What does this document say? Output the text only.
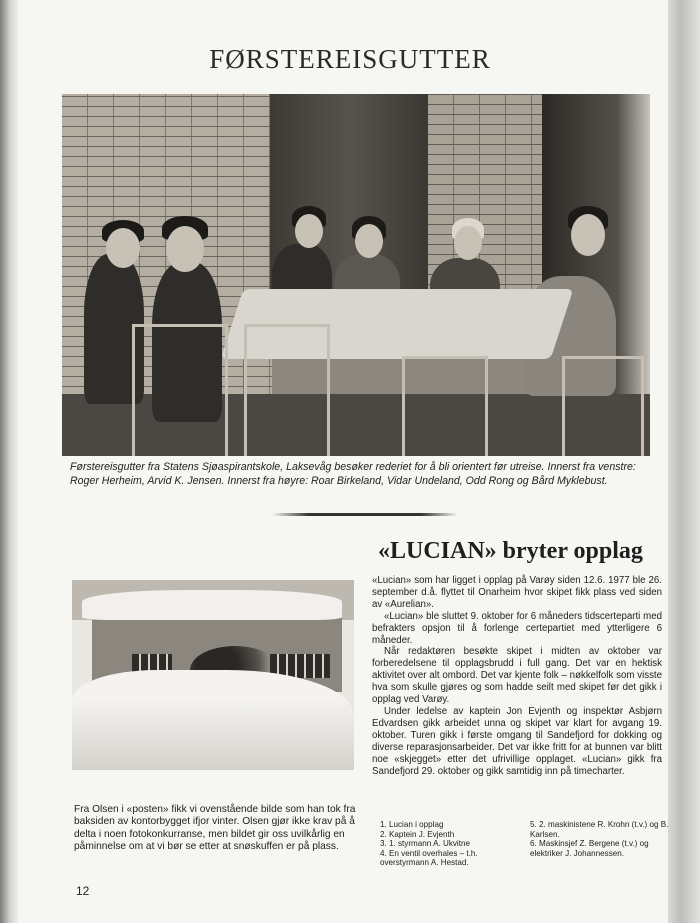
FØRSTEREISGUTTER
Førstereisgutter fra Statens Sjøaspirantskole, Laksevåg besøker rederiet for å bli orientert før utreise. Innerst fra venstre: Roger Herheim, Arvid K. Jensen. Innerst fra høyre: Roar Birkeland, Vidar Undeland, Odd Rong og Bård Myklebust.
«LUCIAN» bryter opplag

«Lucian» som har ligget i opplag på Varøy siden 12.6. 1977 ble 26. september d.å. flyttet til Onarheim hvor skipet fikk plass ved siden av «Aurelian».

«Lucian» ble sluttet 9. oktober for 6 måneders tidscerteparti med befrakters opsjon til å forlenge certepartiet med ytterligere 6 måneder.

Når redaktøren besøkte skipet i midten av oktober var forberedelsene til opplagsbrudd i full gang. Det var en hektisk aktivitet over alt ombord. Det var kjente folk – nøkkelfolk som visste hva som skulle gjøres og som hadde seilt med skipet før det gikk i opplag ved Varøy.

Under ledelse av kaptein Jon Evjenth og inspektør Asbjørn Edvardsen gikk arbeidet unna og skipet var klart for avgang 19. oktober. Turen gikk i første omgang til Sandefjord for dokking og diverse reparasjonsarbeider. Det var ikke fritt for at bunnen var blitt noe «skjegget» etter det ufrivillige opplaget. «Lucian» gikk fra Sandefjord 29. oktober og gikk samtidig inn på timecharter.

Fra Olsen i «posten» fikk vi ovenstående bilde som han tok fra baksiden av kontorbygget ifjor vinter. Olsen gjør ikke krav på å delta i noen fotokonkurranse, men bildet gir oss uvilkårlig en påminnelse om at vi bør se etter at snøskuffen er på plass.
1. Lucian i opplag
2. Kaptein J. Evjenth
3. 1. styrmann A. Ukvitne
4. En ventil overhales – t.h. overstyrmann A. Hestad.
5. 2. maskinistene R. Krohn (t.v.) og B. Karlsen.
6. Maskinsjef Z. Bergene (t.v.) og elektriker J. Johannessen.
12
